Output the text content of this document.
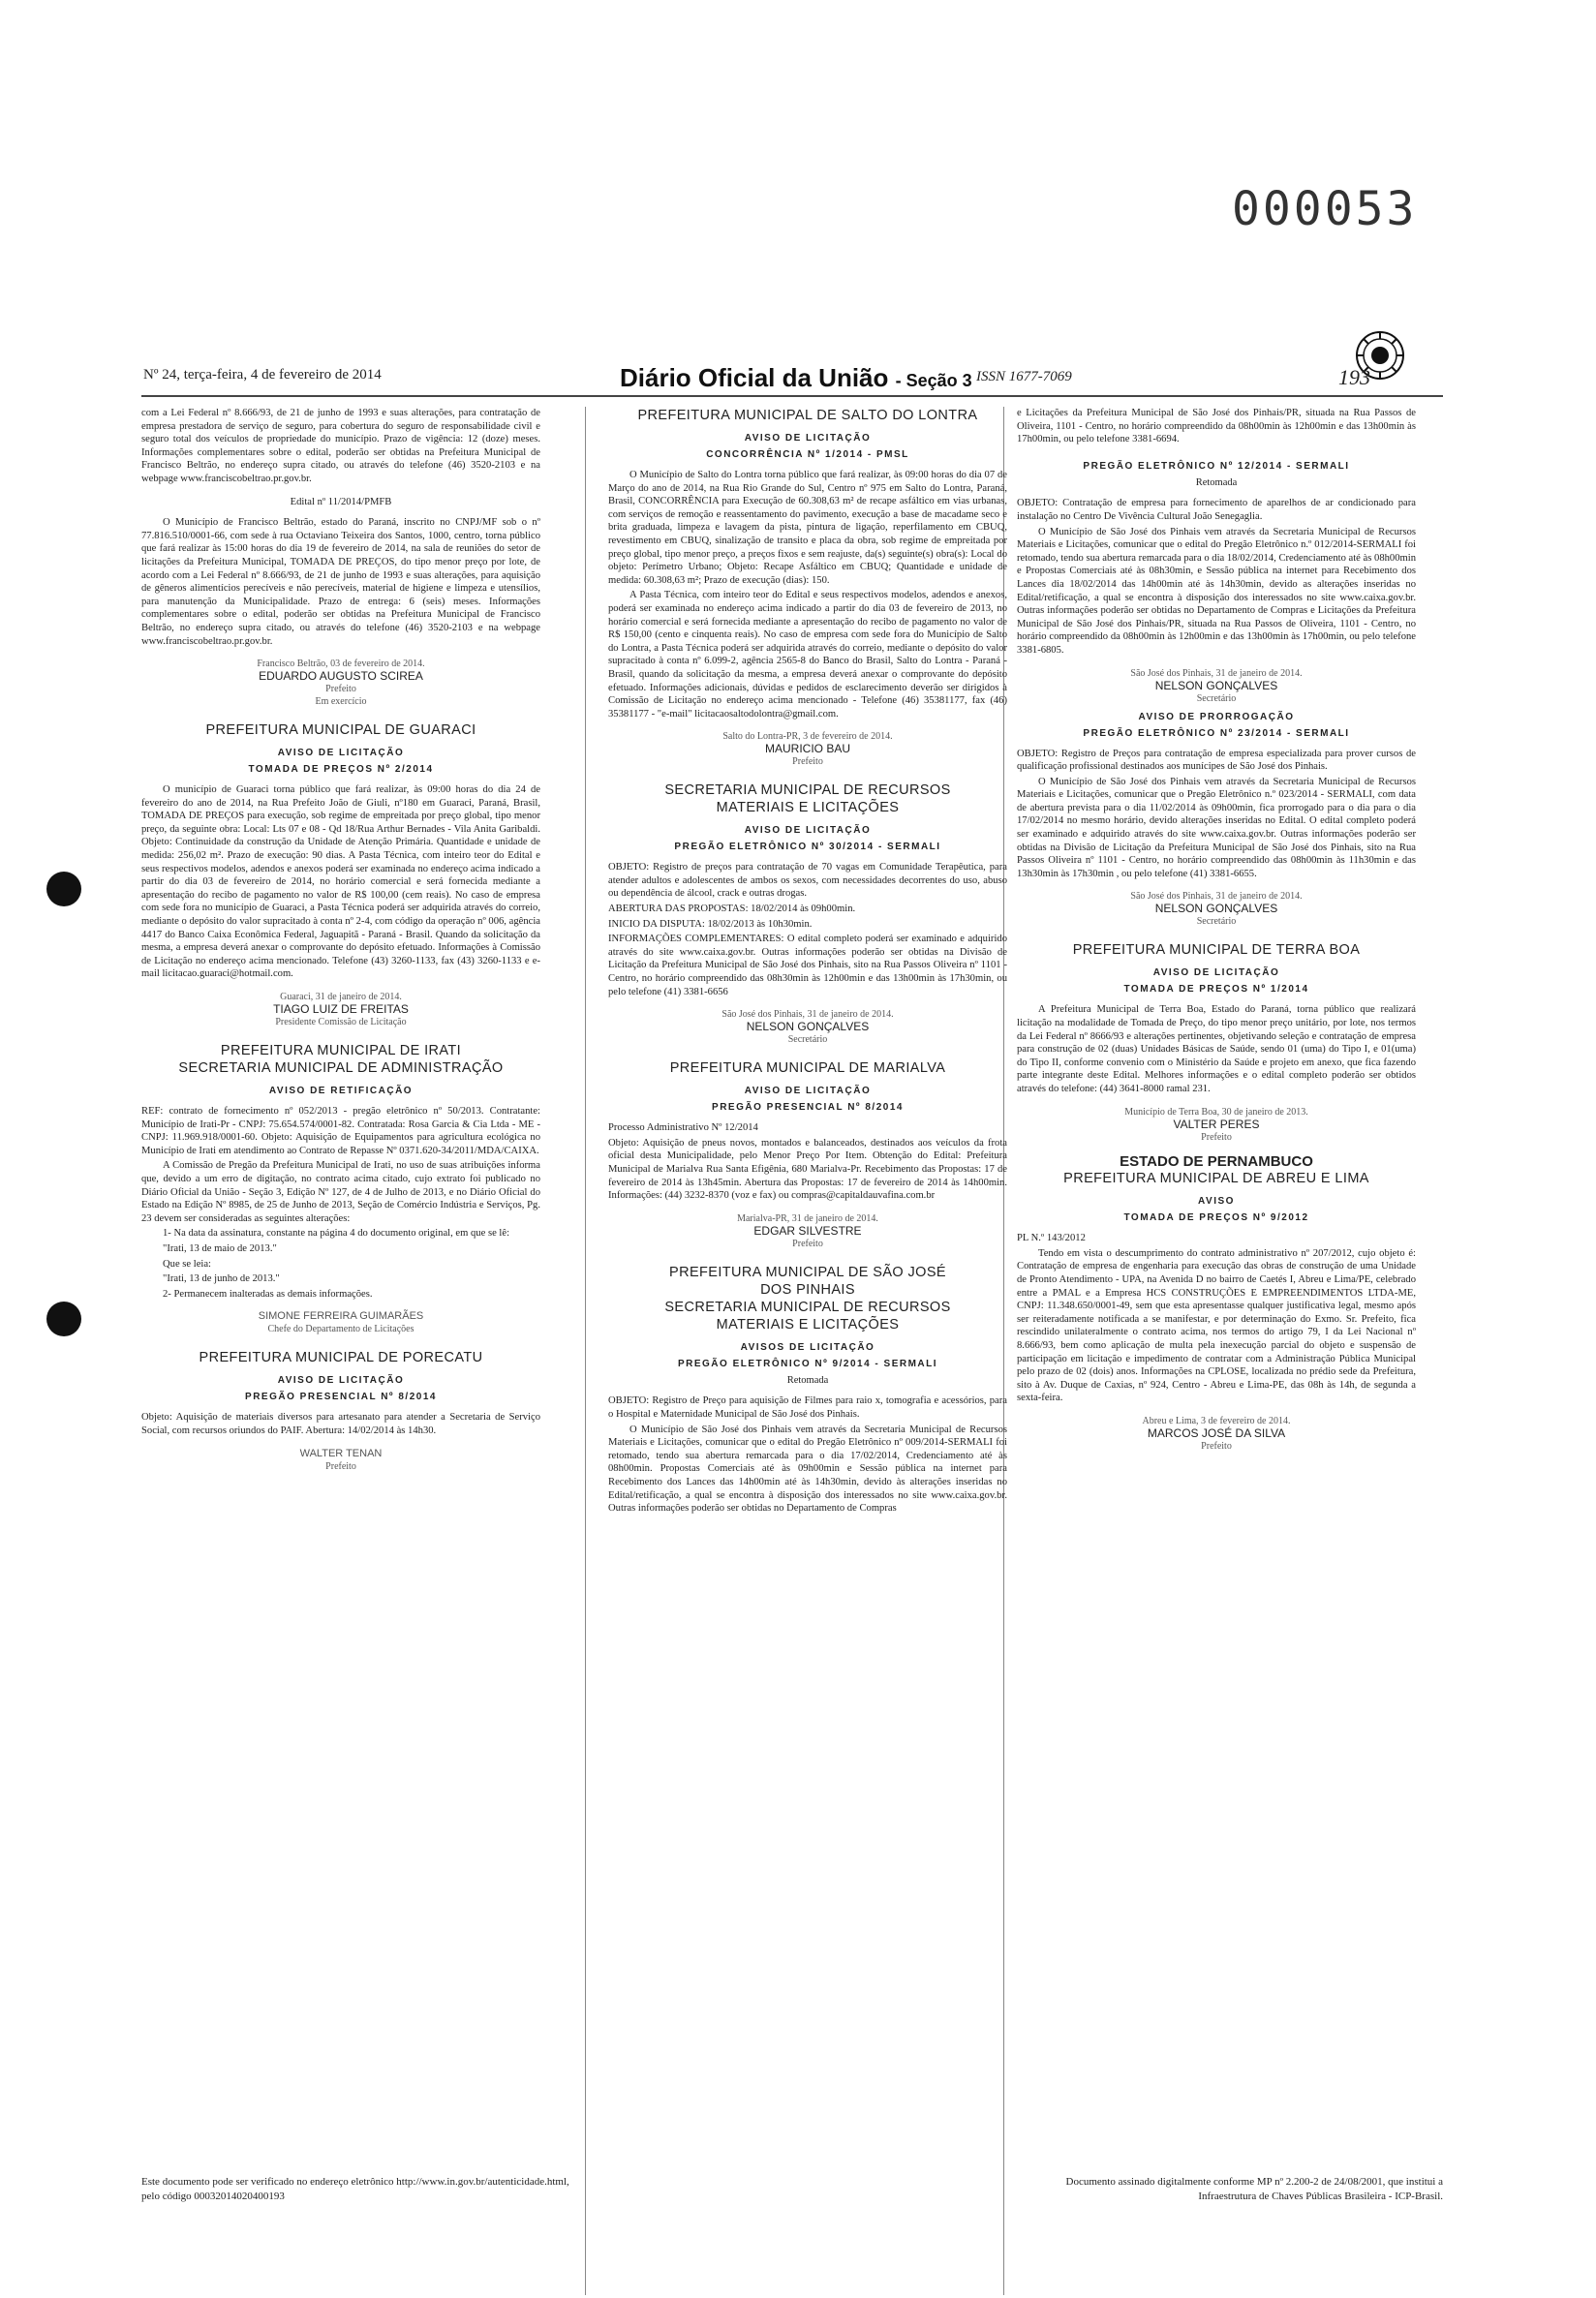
000053
Nº 24, terça-feira, 4 de fevereiro de 2014	Diário Oficial da União - Seção 3 ISSN 1677-7069	193

com a Lei Federal nº 8.666/93, de 21 de junho de 1993 e suas alterações, para contratação de empresa prestadora de serviço de seguro, para cobertura do seguro de responsabilidade civil e seguro total dos veículos de propriedade do município. Prazo de vigência: 12 (doze) meses. Informações complementares sobre o edital, poderão ser obtidas na Prefeitura Municipal de Francisco Beltrão, no endereço supra citado, ou através do telefone (46) 3520-2103 e na webpage www.franciscobeltrao.pr.gov.br.

Edital nº 11/2014/PMFB

O Município de Francisco Beltrão, estado do Paraná, inscrito no CNPJ/MF sob o nº 77.816.510/0001-66, com sede à rua Octaviano Teixeira dos Santos, 1000, centro, torna público que fará realizar às 15:00 horas do dia 19 de fevereiro de 2014, na sala de reuniões do setor de licitações da Prefeitura Municipal, TOMADA DE PREÇOS, do tipo menor preço por lote, de acordo com a Lei Federal nº 8.666/93, de 21 de junho de 1993 e suas alterações, para aquisição de gêneros alimentícios perecíveis e não perecíveis, material de higiene e limpeza e utensílios, para manutenção da Municipalidade. Prazo de entrega: 6 (seis) meses. Informações complementares sobre o edital, poderão ser obtidas na Prefeitura Municipal de Francisco Beltrão, no endereço supra citado, ou através do telefone (46) 3520-2103 e na webpage www.franciscobeltrao.pr.gov.br.

Francisco Beltrão, 03 de fevereiro de 2014.
EDUARDO AUGUSTO SCIREA
Prefeito
Em exercício
PREFEITURA MUNICIPAL DE GUARACI
AVISO DE LICITAÇÃO
TOMADA DE PREÇOS Nº 2/2014

O município de Guaraci torna público que fará realizar, às 09:00 horas do dia 24 de fevereiro do ano de 2014, na Rua Prefeito João de Giuli, nº180 em Guaraci, Paraná, Brasil, TOMADA DE PREÇOS para execução, sob regime de empreitada por preço global, tipo menor preço, da seguinte obra: Local: Lts 07 e 08 - Qd 18/Rua Arthur Bernades - Vila Anita Garibaldi. Objeto: Continuidade da construção da Unidade de Atenção Primária. Quantidade e unidade de medida: 256,02 m². Prazo de execução: 90 dias. A Pasta Técnica, com inteiro teor do Edital e seus respectivos modelos, adendos e anexos poderá ser examinada no endereço acima indicado a partir do dia 03 de fevereiro de 2014, no horário comercial e será fornecida mediante a apresentação do recibo de pagamento no valor de R$ 100,00 (cem reais). No caso de empresa com sede fora no município de Guaraci, a Pasta Técnica poderá ser adquirida através do correio, mediante o depósito do valor supracitado à conta nº 2-4, com código da operação nº 006, agência 4417 do Banco Caixa Econômica Federal, Jaguapitã - Paraná - Brasil. Quando da solicitação da mesma, a empresa deverá anexar o comprovante do depósito efetuado. Informações à Comissão de Licitação no endereço acima mencionado. Telefone (43) 3260-1133, fax (43) 3260-1133 e e-mail licitacao.guaraci@hotmail.com.

Guaraci, 31 de janeiro de 2014.
TIAGO LUIZ DE FREITAS
Presidente Comissão de Licitação
PREFEITURA MUNICIPAL DE IRATI
SECRETARIA MUNICIPAL DE ADMINISTRAÇÃO
AVISO DE RETIFICAÇÃO

REF: contrato de fornecimento nº 052/2013 - pregão eletrônico nº 50/2013. Contratante: Município de Irati-Pr - CNPJ: 75.654.574/0001-82. Contratada: Rosa Garcia & Cia Ltda - ME - CNPJ: 11.969.918/0001-60. Objeto: Aquisição de Equipamentos para agricultura ecológica no Município de Irati em atendimento ao Contrato de Repasse Nº 0371.620-34/2011/MDA/CAIXA.

A Comissão de Pregão da Prefeitura Municipal de Irati, no uso de suas atribuições informa que, devido a um erro de digitação, no contrato acima citado, cujo extrato foi publicado no Diário Oficial da União - Seção 3, Edição Nº 127, de 4 de Julho de 2013, e no Diário Oficial do Estado na Edição Nº 8985, de 25 de Junho de 2013, Seção de Comércio Indústria e Serviços, Pg. 23 devem ser consideradas as seguintes alterações:

1- Na data da assinatura, constante na página 4 do documento original, em que se lê:

"Irati, 13 de maio de 2013."

Que se leia:

"Irati, 13 de junho de 2013."

2- Permanecem inalteradas as demais informações.

SIMONE FERREIRA GUIMARÃES
Chefe do Departamento de Licitações
PREFEITURA MUNICIPAL DE PORECATU
AVISO DE LICITAÇÃO
PREGÃO PRESENCIAL Nº 8/2014

Objeto: Aquisição de materiais diversos para artesanato para atender a Secretaria de Serviço Social, com recursos oriundos do PAIF. Abertura: 14/02/2014 às 14h30.

WALTER TENAN
Prefeito
PREFEITURA MUNICIPAL DE SALTO DO LONTRA
AVISO DE LICITAÇÃO
CONCORRÊNCIA Nº 1/2014 - PMSL

O Município de Salto do Lontra torna público que fará realizar, às 09:00 horas do dia 07 de Março do ano de 2014, na Rua Rio Grande do Sul, Centro nº 975 em Salto do Lontra, Paraná, Brasil, CONCORRÊNCIA para Execução de 60.308,63 m² de recape asfáltico em vias urbanas, com serviços de remoção e reassentamento do pavimento, execução a base de macadame seco e brita graduada, limpeza e lavagem da pista, pintura de ligação, reperfilamento em CBUQ, revestimento em CBUQ, sinalização de transito e placa da obra, sob regime de empreitada por preço global, tipo menor preço, a preços fixos e sem reajuste, da(s) seguinte(s) obra(s): Local do objeto: Perímetro Urbano; Objeto: Recape Asfáltico em CBUQ; Quantidade e unidade de medida: 60.308,63 m²; Prazo de execução (dias): 150.

A Pasta Técnica, com inteiro teor do Edital e seus respectivos modelos, adendos e anexos, poderá ser examinada no endereço acima indicado a partir do dia 03 de fevereiro de 2013, no horário comercial e será fornecida mediante a apresentação do recibo de pagamento no valor de R$ 150,00 (cento e cinquenta reais). No caso de empresa com sede fora do Município de Salto do Lontra, a Pasta Técnica poderá ser adquirida através do correio, mediante o depósito do valor supracitado à conta nº 6.099-2, agência 2565-8 do Banco do Brasil, Salto do Lontra - Paraná - Brasil, quando da solicitação da mesma, a empresa deverá anexar o comprovante do depósito efetuado. Informações adicionais, dúvidas e pedidos de esclarecimento deverão ser dirigidos à Comissão de Licitação no endereço acima mencionado - Telefone (46) 35381177, fax (46) 35381177 - "e-mail" licitacaosaltodolontra@gmail.com.

Salto do Lontra-PR, 3 de fevereiro de 2014.
MAURICIO BAU
Prefeito
SECRETARIA MUNICIPAL DE RECURSOS
MATERIAIS E LICITAÇÕES
AVISO DE LICITAÇÃO
PREGÃO ELETRÔNICO Nº 30/2014 - SERMALI

OBJETO: Registro de preços para contratação de 70 vagas em Comunidade Terapêutica, para atender adultos e adolescentes de ambos os sexos, com necessidades decorrentes do uso, abuso ou dependência de álcool, crack e outras drogas.

ABERTURA DAS PROPOSTAS: 18/02/2014 às 09h00min.

INICIO DA DISPUTA: 18/02/2013 às 10h30min.

INFORMAÇÕES COMPLEMENTARES: O edital completo poderá ser examinado e adquirido através do site www.caixa.gov.br. Outras informações poderão ser obtidas na Divisão de Licitação da Prefeitura Municipal de São José dos Pinhais, sito na Rua Passos Oliveira nº 1101 - Centro, no horário compreendido das 08h30min às 12h00min e das 13h00min às 17h30min, ou pelo telefone (41) 3381-6656

São José dos Pinhais, 31 de janeiro de 2014.
NELSON GONÇALVES
Secretário
PREFEITURA MUNICIPAL DE MARIALVA
AVISO DE LICITAÇÃO
PREGÃO PRESENCIAL Nº 8/2014

Processo Administrativo Nº 12/2014

Objeto: Aquisição de pneus novos, montados e balanceados, destinados aos veículos da frota oficial desta Municipalidade, pelo Menor Preço Por Item. Obtenção do Edital: Prefeitura Municipal de Marialva Rua Santa Efigênia, 680 Marialva-Pr. Recebimento das Propostas: 17 de fevereiro de 2014 às 13h45min. Abertura das Propostas: 17 de fevereiro de 2014 às 14h00min. Informações: (44) 3232-8370 (voz e fax) ou compras@capitaldauvafina.com.br

Marialva-PR, 31 de janeiro de 2014.
EDGAR SILVESTRE
Prefeito
PREFEITURA MUNICIPAL DE SÃO JOSÉ
DOS PINHAIS
SECRETARIA MUNICIPAL DE RECURSOS
MATERIAIS E LICITAÇÕES
AVISOS DE LICITAÇÃO
PREGÃO ELETRÔNICO Nº 9/2014 - SERMALI
Retomada

OBJETO: Registro de Preço para aquisição de Filmes para raio x, tomografia e acessórios, para o Hospital e Maternidade Municipal de São José dos Pinhais.

O Município de São José dos Pinhais vem através da Secretaria Municipal de Recursos Materiais e Licitações, comunicar que o edital do Pregão Eletrônico nº 009/2014-SERMALI foi retomado, tendo sua abertura remarcada para o dia 17/02/2014, Credenciamento até às 08h00min. Propostas Comerciais até às 09h00min e Sessão pública na internet para Recebimento dos Lances das 14h00min até às 14h30min, devido às alterações inseridas no Edital/retificação, a qual se encontra à disposição dos interessados no site www.caixa.gov.br. Outras informações poderão ser obtidas no Departamento de Compras

e Licitações da Prefeitura Municipal de São José dos Pinhais/PR, situada na Rua Passos de Oliveira, 1101 - Centro, no horário compreendido da 08h00min às 12h00min e das 13h00min às 17h00min, ou pelo telefone 3381-6694.

PREGÃO ELETRÔNICO Nº 12/2014 - SERMALI
Retomada

OBJETO: Contratação de empresa para fornecimento de aparelhos de ar condicionado para instalação no Centro De Vivência Cultural João Senegaglia.

O Município de São José dos Pinhais vem através da Secretaria Municipal de Recursos Materiais e Licitações, comunicar que o edital do Pregão Eletrônico n.º 012/2014-SERMALI foi retomado, tendo sua abertura remarcada para o dia 18/02/2014, Credenciamento até às 08h00min e Propostas Comerciais até às 08h30min, e Sessão pública na internet para Recebimento dos Lances dia 18/02/2014 das 14h00min até às 14h30min, devido as alterações inseridas no Edital/retificação, a qual se encontra à disposição dos interessados no site www.caixa.gov.br. Outras informações poderão ser obtidas no Departamento de Compras e Licitações da Prefeitura Municipal de São José dos Pinhais/PR, situada na Rua Passos de Oliveira, 1101 - Centro, no horário compreendido da 08h00min às 12h00min e das 13h00min às 17h00min, ou pelo telefone 3381-6805.

São José dos Pinhais, 31 de janeiro de 2014.
NELSON GONÇALVES
Secretário
AVISO DE PRORROGAÇÃO
PREGÃO ELETRÔNICO Nº 23/2014 - SERMALI

OBJETO: Registro de Preços para contratação de empresa especializada para prover cursos de qualificação profissional destinados aos munícipes de São José dos Pinhais.

O Município de São José dos Pinhais vem através da Secretaria Municipal de Recursos Materiais e Licitações, comunicar que o Pregão Eletrônico n.º 023/2014 - SERMALI, com data de abertura prevista para o dia 11/02/2014 às 09h00min, fica prorrogado para o dia para o dia 17/02/2014 no mesmo horário, devido alterações inseridas no Edital. O edital completo poderá ser examinado e adquirido através do site www.caixa.gov.br. Outras informações poderão ser obtidas na Divisão de Licitação da Prefeitura Municipal de São José dos Pinhais, sito na Rua Passos Oliveira nº 1101 - Centro, no horário compreendido das 08h00min às 11h30min e das 13h30min às 17h30min , ou pelo telefone (41) 3381-6655.

São José dos Pinhais, 31 de janeiro de 2014.
NELSON GONÇALVES
Secretário
PREFEITURA MUNICIPAL DE TERRA BOA
AVISO DE LICITAÇÃO
TOMADA DE PREÇOS Nº 1/2014

A Prefeitura Municipal de Terra Boa, Estado do Paraná, torna público que realizará licitação na modalidade de Tomada de Preço, do tipo menor preço unitário, por lote, nos termos da Lei Federal nº 8666/93 e alterações pertinentes, objetivando seleção e contratação de empresa para construção de 02 (duas) Unidades Básicas de Saúde, sendo 01 (uma) do Tipo I, e 01(uma) do Tipo II, conforme convenio com o Ministério da Saúde e projeto em anexo, que fica fazendo parte integrante deste Edital. Melhores informações e o edital completo poderão ser obtidos através do telefone: (44) 3641-8000 ramal 231.

Município de Terra Boa, 30 de janeiro de 2013.
VALTER PERES
Prefeito
ESTADO DE PERNAMBUCO
PREFEITURA MUNICIPAL DE ABREU E LIMA
AVISO
TOMADA DE PREÇOS Nº 9/2012

PL N.º 143/2012

Tendo em vista o descumprimento do contrato administrativo nº 207/2012, cujo objeto é: Contratação de empresa de engenharia para execução das obras de construção de uma Unidade de Pronto Atendimento - UPA, na Avenida D no bairro de Caetés I, Abreu e Lima/PE, celebrado entre a PMAL e a Empresa HCS CONSTRUÇÕES E EMPREENDIMENTOS LTDA-ME, CNPJ: 11.348.650/0001-49, sem que esta apresentasse qualquer justificativa legal, mesmo após ser reiteradamente notificada a se manifestar, e por determinação do Exmo. Sr. Prefeito, fica rescindido unilateralmente o contrato acima, nos termos do artigo 79, I da Lei Nacional nº 8.666/93, bem como aplicação de multa pela inexecução parcial do objeto e suspensão de participação em licitação e impedimento de contratar com a Administração Pública Municipal pelo prazo de 02 (dois) anos. Informações na CPLOSE, localizada no prédio sede da Prefeitura, sito à Av. Duque de Caxias, nº 924, Centro - Abreu e Lima-PE, das 08h às 14h, de segunda a sexta-feira.

Abreu e Lima, 3 de fevereiro de 2014.
MARCOS JOSÉ DA SILVA
Prefeito
Este documento pode ser verificado no endereço eletrônico http://www.in.gov.br/autenticidade.html,
pelo código 00032014020400193
Documento assinado digitalmente conforme MP nº 2.200-2 de 24/08/2001, que institui a
Infraestrutura de Chaves Públicas Brasileira - ICP-Brasil.
